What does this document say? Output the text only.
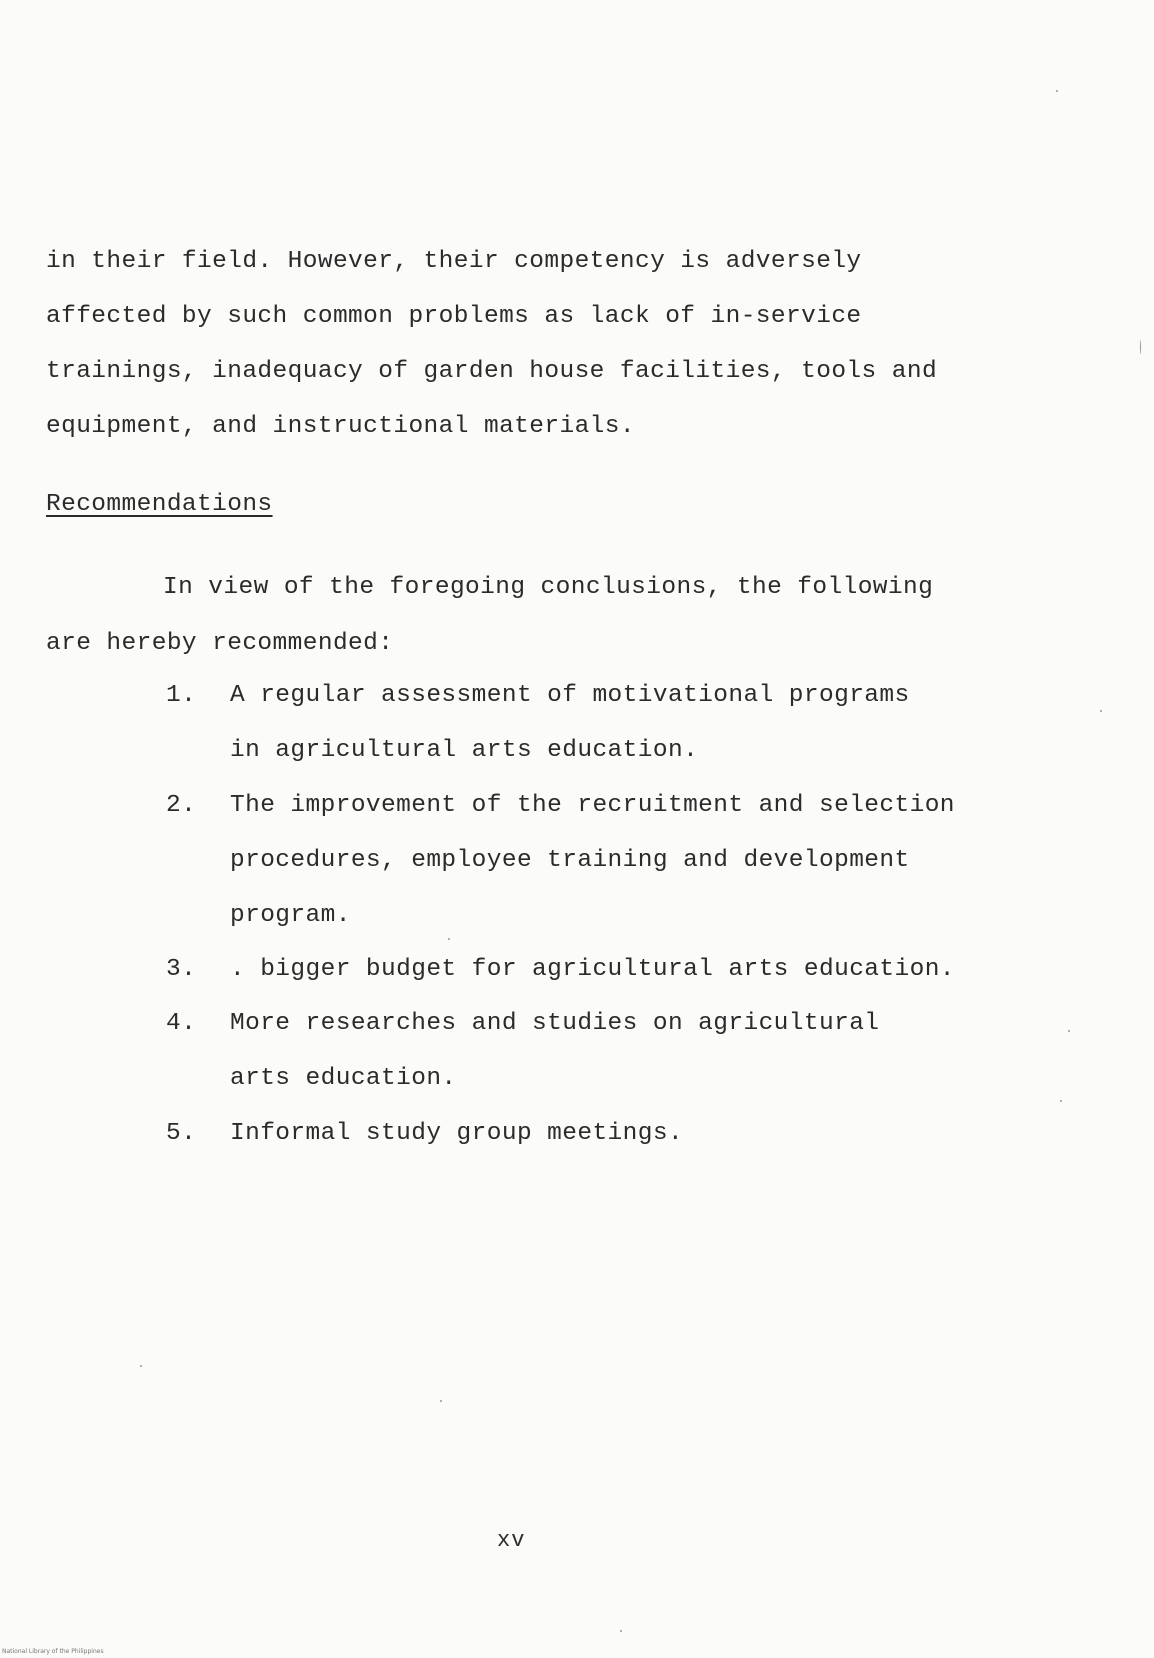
in their field. However, their competency is adversely
affected by such common problems as lack of in-service
trainings, inadequacy of garden house facilities, tools and
equipment, and instructional materials.
Recommendations
In view of the foregoing conclusions, the following
are hereby recommended:
1.	A regular assessment of motivational programs
in agricultural arts education.
2.	The improvement of the recruitment and selection
procedures, employee training and development
program.
3.	. bigger budget for agricultural arts education.
4.	More researches and studies on agricultural
arts education.
5.	Informal study group meetings.
xv
National Library of the Philippines
